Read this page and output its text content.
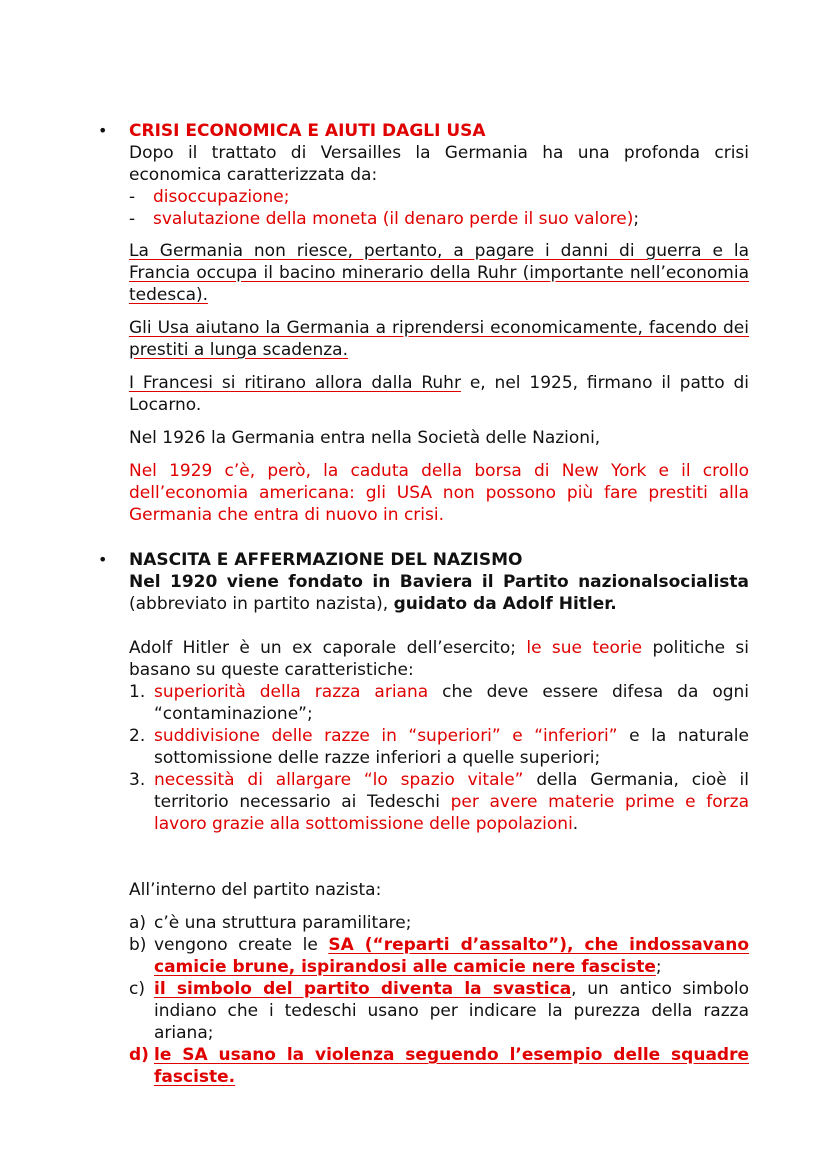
•	CRISI ECONOMICA E AIUTI DAGLI USA
Dopo il trattato di Versailles la Germania ha una profonda crisi economica caratterizzata da:
- disoccupazione;
- svalutazione della moneta (il denaro perde il suo valore);
La Germania non riesce, pertanto, a pagare i danni di guerra e la Francia occupa il bacino minerario della Ruhr (importante nell’economia tedesca).
Gli Usa aiutano la Germania a riprendersi economicamente, facendo dei prestiti a lunga scadenza.
I Francesi si ritirano allora dalla Ruhr e, nel 1925, firmano il patto di Locarno.
Nel 1926 la Germania entra nella Società delle Nazioni,
Nel 1929 c’è, però, la caduta della borsa di New York e il crollo dell’economia americana: gli USA non possono più fare prestiti alla Germania che entra di nuovo in crisi.
•	NASCITA E AFFERMAZIONE DEL NAZISMO
Nel 1920 viene fondato in Baviera il Partito nazionalsocialista (abbreviato in partito nazista), guidato da Adolf Hitler.
Adolf Hitler è un ex caporale dell’esercito; le sue teorie politiche si basano su queste caratteristiche:
1. superiorità della razza ariana che deve essere difesa da ogni “contaminazione”;
2. suddivisione delle razze in “superiori” e “inferiori” e la naturale sottomissione delle razze inferiori a quelle superiori;
3. necessità di allargare “lo spazio vitale” della Germania, cioè il territorio necessario ai Tedeschi per avere materie prime e forza lavoro grazie alla sottomissione delle popolazioni.
All’interno del partito nazista:
a) c’è una struttura paramilitare;
b) vengono create le SA (“reparti d’assalto”), che indossavano camicie brune, ispirandosi alle camicie nere fasciste;
c) il simbolo del partito diventa la svastica, un antico simbolo indiano che i tedeschi usano per indicare la purezza della razza ariana;
d) le SA usano la violenza seguendo l’esempio delle squadre fasciste.
